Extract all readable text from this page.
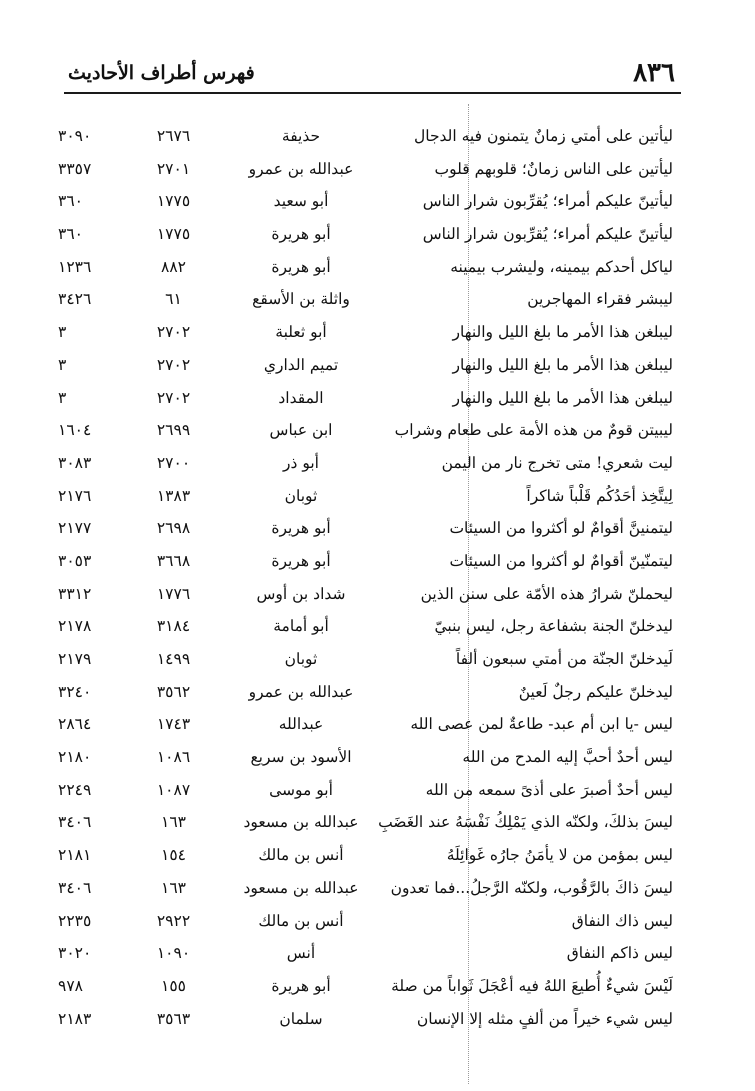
٨٣٦
فهرس أطراف الأحاديث
ليأتين على أمتي زمانٌ يتمنون فيه الدجال
حذيفة
٢٦٧٦
٣٠٩٠
ليأتين على الناس زمانٌ؛ قلوبهم قلوب
عبدالله بن عمرو
٢٧٠١
٣٣٥٧
ليأتينّ عليكم أمراء؛ يُقرِّبون شرار الناس
أبو سعيد
١٧٧٥
٣٦٠
ليأتينّ عليكم أمراء؛ يُقرِّبون شرار الناس
أبو هريرة
١٧٧٥
٣٦٠
لياكل أحدكم بيمينه، وليشرب بيمينه
أبو هريرة
٨٨٢
١٢٣٦
ليبشر فقراء المهاجرين
واثلة بن الأسقع
٦١
٣٤٢٦
ليبلغن هذا الأمر ما بلغ الليل والنهار
أبو ثعلبة
٢٧٠٢
٣
ليبلغن هذا الأمر ما بلغ الليل والنهار
تميم الداري
٢٧٠٢
٣
ليبلغن هذا الأمر ما بلغ الليل والنهار
المقداد
٢٧٠٢
٣
ليبيتن قومٌ من هذه الأمة على طعام وشراب
ابن عباس
٢٦٩٩
١٦٠٤
ليت شعري! متى تخرج نار من اليمن
أبو ذر
٢٧٠٠
٣٠٨٣
لِيتَّخِذ أحَدُكُم قَلْباً شاكراً
ثوبان
١٣٨٣
٢١٧٦
ليتمنينَّ أقوامٌ لو أكثروا من السيئات
أبو هريرة
٢٦٩٨
٢١٧٧
ليتمنّينّ أقوامٌ لو أكثروا من السيئات
أبو هريرة
٣٦٦٨
٣٠٥٣
ليحملنّ شرارُ هذه الأمّة على سنن الذين
شداد بن أوس
١٧٧٦
٣٣١٢
ليدخلنّ الجنة بشفاعة رجل، ليس بنبيّ
أبو أمامة
٣١٨٤
٢١٧٨
لَيدخلنّ الجنّة من أمتي سبعون ألفاً
ثوبان
١٤٩٩
٢١٧٩
ليدخلنّ عليكم رجلٌ لَعينٌ
عبدالله بن عمرو
٣٥٦٢
٣٢٤٠
ليس -يا ابن أم عبد- طاعةٌ لمن عصى الله
عبدالله
١٧٤٣
٢٨٦٤
ليس أحدٌ أحبَّ إليه المدح من الله
الأسود بن سريع
١٠٨٦
٢١٨٠
ليس أحدٌ أصبرَ على أذىً سمعه من الله
أبو موسى
١٠٨٧
٢٢٤٩
ليسَ بذلكَ، ولكنّه الذي يَمْلِكُ نَفْسَهُ عند الغَضَبِ
عبدالله بن مسعود
١٦٣
٣٤٠٦
ليس بمؤمن من لا يأمَنُ جارُه غَوائِلَهُ
أنس بن مالك
١٥٤
٢١٨١
ليسَ ذاكَ بالرَّقُوب، ولكنّه الرَّجلُ...فما تعدون
عبدالله بن مسعود
١٦٣
٣٤٠٦
ليس ذاك النفاق
أنس بن مالك
٢٩٢٢
٢٢٣٥
ليس ذاكم النفاق
أنس
١٠٩٠
٣٠٢٠
لَيْسَ شيءٌ أُطيعَ اللهُ فيه أعْجَلَ ثَواباً من صلة
أبو هريرة
١٥٥
٩٧٨
ليس شيء خيراً من ألفٍ مثله إلا الإنسان
سلمان
٣٥٦٣
٢١٨٣
